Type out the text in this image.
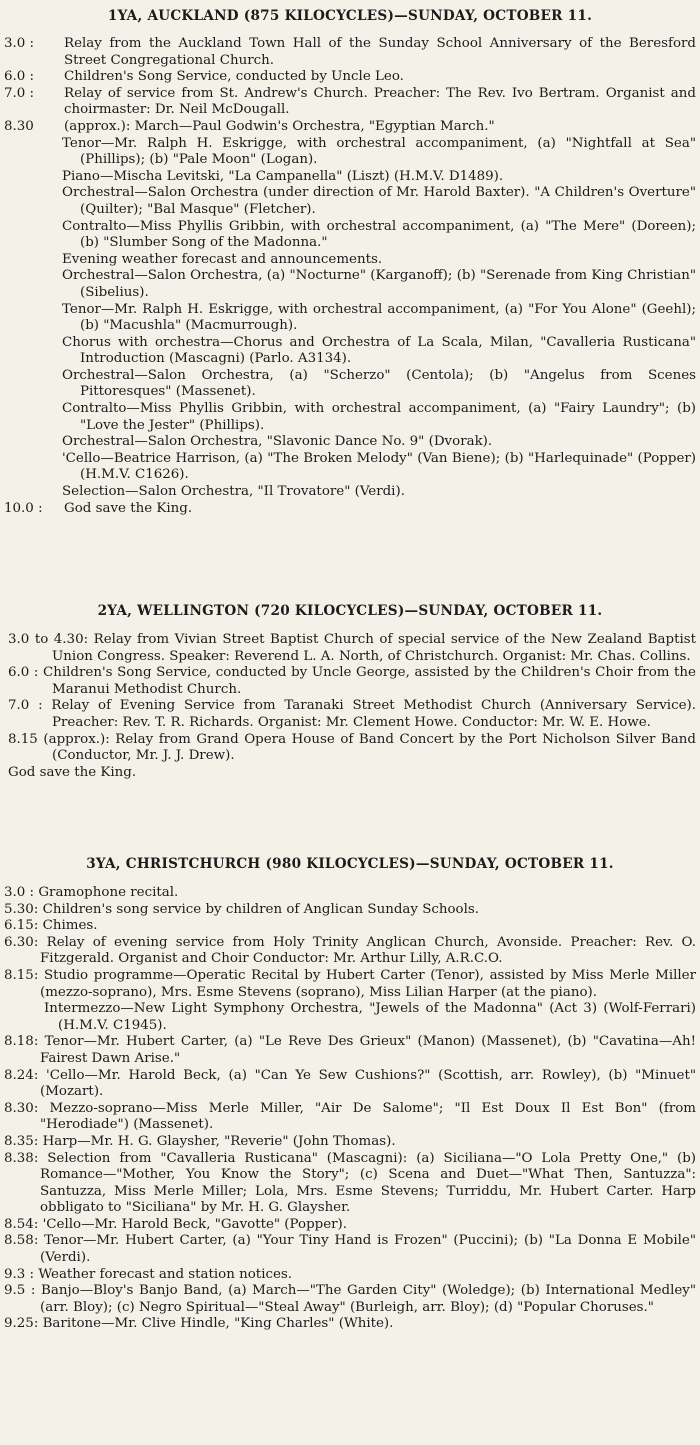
1YA, AUCKLAND (875 KILOCYCLES)—SUNDAY, OCTOBER 11.

3.0 :	Relay from the Auckland Town Hall of the Sunday School Anniversary of the Beresford Street Congregational Church.

6.0 :	Children's Song Service, conducted by Uncle Leo.

7.0 :	Relay of service from St. Andrew's Church. Preacher: The Rev. Ivo Bertram. Organist and choirmaster: Dr. Neil McDougall.

8.30	(approx.): March—Paul Godwin's Orchestra, "Egyptian March."

Tenor—Mr. Ralph H. Eskrigge, with orchestral accompaniment, (a) "Nightfall at Sea" (Phillips); (b) "Pale Moon" (Logan).

Piano—Mischa Levitski, "La Campanella" (Liszt) (H.M.V. D1489).

Orchestral—Salon Orchestra (under direction of Mr. Harold Baxter). "A Children's Overture" (Quilter); "Bal Masque" (Fletcher).

Contralto—Miss Phyllis Gribbin, with orchestral accompaniment, (a) "The Mere" (Doreen); (b) "Slumber Song of the Madonna."

Evening weather forecast and announcements.

Orchestral—Salon Orchestra, (a) "Nocturne" (Karganoff); (b) "Serenade from King Christian" (Sibelius).

Tenor—Mr. Ralph H. Eskrigge, with orchestral accompaniment, (a) "For You Alone" (Geehl); (b) "Macushla" (Macmurrough).

Chorus with orchestra—Chorus and Orchestra of La Scala, Milan, "Cavalleria Rusticana" Introduction (Mascagni) (Parlo. A3134).

Orchestral—Salon Orchestra, (a) "Scherzo" (Centola); (b) "Angelus from Scenes Pittoresques" (Massenet).

Contralto—Miss Phyllis Gribbin, with orchestral accompaniment, (a) "Fairy Laundry"; (b) "Love the Jester" (Phillips).

Orchestral—Salon Orchestra, "Slavonic Dance No. 9" (Dvorak).

'Cello—Beatrice Harrison, (a) "The Broken Melody" (Van Biene); (b) "Harlequinade" (Popper) (H.M.V. C1626).

Selection—Salon Orchestra, "Il Trovatore" (Verdi).

10.0 :	God save the King.

2YA, WELLINGTON (720 KILOCYCLES)—SUNDAY, OCTOBER 11.

3.0 to 4.30: Relay from Vivian Street Baptist Church of special service of the New Zealand Baptist Union Congress. Speaker: Reverend L. A. North, of Christchurch. Organist: Mr. Chas. Collins.

6.0 : Children's Song Service, conducted by Uncle George, assisted by the Children's Choir from the Maranui Methodist Church.

7.0 : Relay of Evening Service from Taranaki Street Methodist Church (Anniversary Service). Preacher: Rev. T. R. Richards. Organist: Mr. Clement Howe. Conductor: Mr. W. E. Howe.

8.15 (approx.): Relay from Grand Opera House of Band Concert by the Port Nicholson Silver Band (Conductor, Mr. J. J. Drew).

God save the King.

3YA, CHRISTCHURCH (980 KILOCYCLES)—SUNDAY, OCTOBER 11.

3.0 : Gramophone recital.

5.30: Children's song service by children of Anglican Sunday Schools.

6.15: Chimes.

6.30: Relay of evening service from Holy Trinity Anglican Church, Avonside. Preacher: Rev. O. Fitzgerald. Organist and Choir Conductor: Mr. Arthur Lilly, A.R.C.O.

8.15: Studio programme—Operatic Recital by Hubert Carter (Tenor), assisted by Miss Merle Miller (mezzo-soprano), Mrs. Esme Stevens (soprano), Miss Lilian Harper (at the piano).

Intermezzo—New Light Symphony Orchestra, "Jewels of the Madonna" (Act 3) (Wolf-Ferrari) (H.M.V. C1945).

8.18: Tenor—Mr. Hubert Carter, (a) "Le Reve Des Grieux" (Manon) (Massenet), (b) "Cavatina—Ah! Fairest Dawn Arise."

8.24: 'Cello—Mr. Harold Beck, (a) "Can Ye Sew Cushions?" (Scottish, arr. Rowley), (b) "Minuet" (Mozart).

8.30: Mezzo-soprano—Miss Merle Miller, "Air De Salome"; "Il Est Doux Il Est Bon" (from "Herodiade") (Massenet).

8.35: Harp—Mr. H. G. Glaysher, "Reverie" (John Thomas).

8.38: Selection from "Cavalleria Rusticana" (Mascagni): (a) Siciliana—"O Lola Pretty One," (b) Romance—"Mother, You Know the Story"; (c) Scena and Duet—"What Then, Santuzza": Santuzza, Miss Merle Miller; Lola, Mrs. Esme Stevens; Turriddu, Mr. Hubert Carter. Harp obbligato to "Siciliana" by Mr. H. G. Glaysher.

8.54: 'Cello—Mr. Harold Beck, "Gavotte" (Popper).

8.58: Tenor—Mr. Hubert Carter, (a) "Your Tiny Hand is Frozen" (Puccini); (b) "La Donna E Mobile" (Verdi).

9.3 : Weather forecast and station notices.

9.5 : Banjo—Bloy's Banjo Band, (a) March—"The Garden City" (Woledge); (b) International Medley" (arr. Bloy); (c) Negro Spiritual—"Steal Away" (Burleigh, arr. Bloy); (d) "Popular Choruses."

9.25: Baritone—Mr. Clive Hindle, "King Charles" (White).
